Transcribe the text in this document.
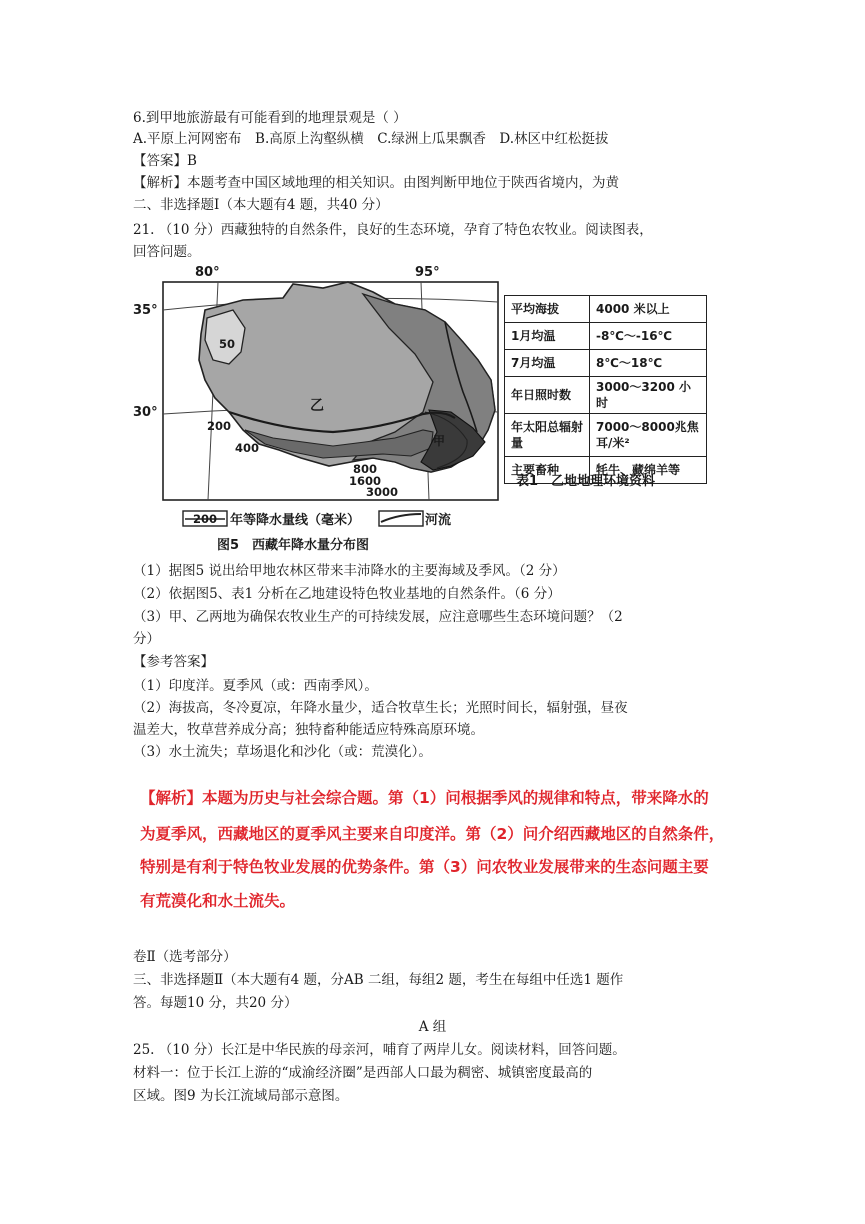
6.到甲地旅游最有可能看到的地理景观是（ ）
A.平原上河网密布　B.高原上沟壑纵横　C.绿洲上瓜果飘香　D.林区中红松挺拔
【答案】B
【解析】本题考查中国区域地理的相关知识。由图判断甲地位于陕西省境内，为黄
二、非选择题Ⅰ（本大题有4 题，共40 分）
21. （10 分）西藏独特的自然条件，良好的生态环境，孕育了特色农牧业。阅读图表，
回答问题。
80°	95°
35°
30°
50
200
400
800
1600
3000
乙
甲
200 年等降水量线（毫米）	河流
图5　西藏年降水量分布图
平均海拔	4000 米以上
1月均温	-8℃～-16℃
7月均温	8℃～18℃
年日照时数	3000～3200 小时
年太阳总辐射量	7000～8000兆焦耳/米²
主要畜种	牦牛、藏绵羊等
表1　乙地地理环境资料
（1）据图5 说出给甲地农林区带来丰沛降水的主要海域及季风。（2 分）
（2）依据图5、表1 分析在乙地建设特色牧业基地的自然条件。（6 分）
（3）甲、乙两地为确保农牧业生产的可持续发展，应注意哪些生态环境问题？（2
分）
【参考答案】
（1）印度洋。夏季风（或：西南季风）。
（2）海拔高，冬冷夏凉，年降水量少，适合牧草生长；光照时间长，辐射强，昼夜
温差大，牧草营养成分高；独特畜种能适应特殊高原环境。
（3）水土流失；草场退化和沙化（或：荒漠化）。
【解析】本题为历史与社会综合题。第（1）问根据季风的规律和特点，带来降水的
为夏季风，西藏地区的夏季风主要来自印度洋。第（2）问介绍西藏地区的自然条件，
特别是有利于特色牧业发展的优势条件。第（3）问农牧业发展带来的生态问题主要
有荒漠化和水土流失。
卷Ⅱ（选考部分）
三、非选择题Ⅱ（本大题有4 题，分AB 二组，每组2 题，考生在每组中任选1 题作
答。每题10 分，共20 分）
A 组
25. （10 分）长江是中华民族的母亲河，哺育了两岸儿女。阅读材料，回答问题。
材料一：位于长江上游的“成渝经济圈”是西部人口最为稠密、城镇密度最高的
区域。图9 为长江流域局部示意图。
